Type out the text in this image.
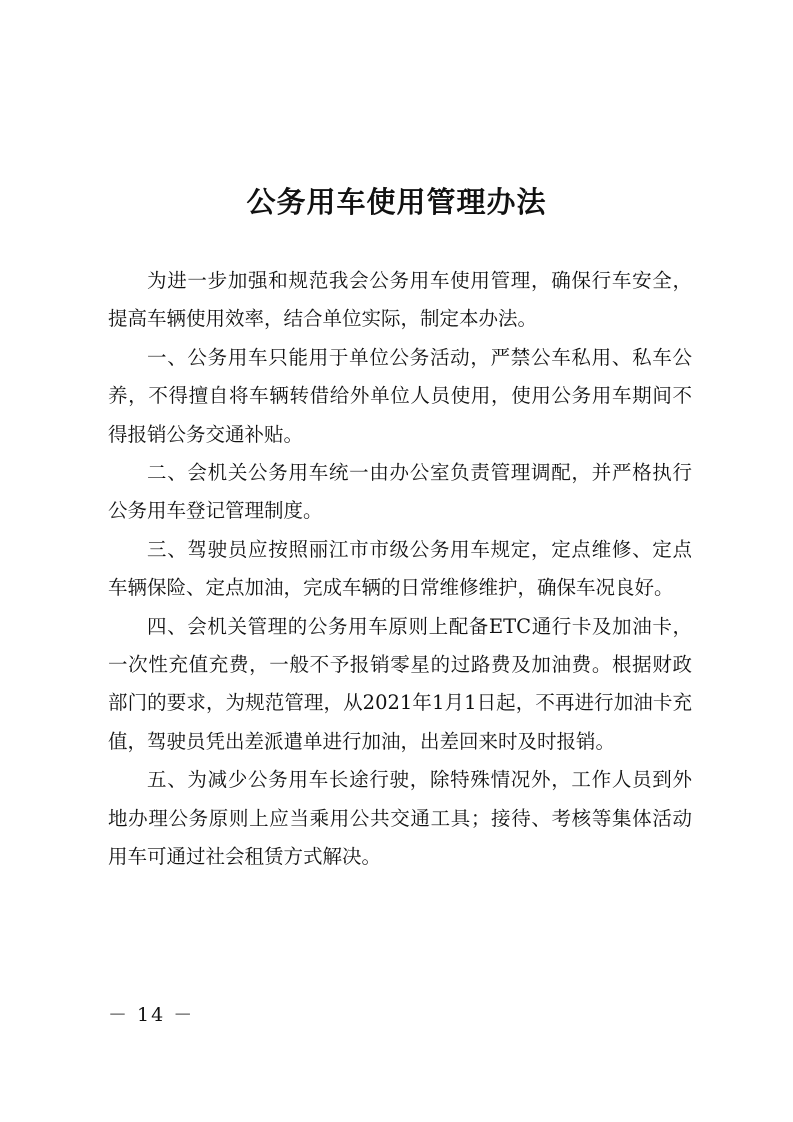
公务用车使用管理办法

为进一步加强和规范我会公务用车使用管理，确保行车安全，提高车辆使用效率，结合单位实际，制定本办法。

一、公务用车只能用于单位公务活动，严禁公车私用、私车公养，不得擅自将车辆转借给外单位人员使用，使用公务用车期间不得报销公务交通补贴。

二、会机关公务用车统一由办公室负责管理调配，并严格执行公务用车登记管理制度。

三、驾驶员应按照丽江市市级公务用车规定，定点维修、定点车辆保险、定点加油，完成车辆的日常维修维护，确保车况良好。

四、会机关管理的公务用车原则上配备ETC通行卡及加油卡，一次性充值充费，一般不予报销零星的过路费及加油费。根据财政部门的要求，为规范管理，从2021年1月1日起，不再进行加油卡充值，驾驶员凭出差派遣单进行加油，出差回来时及时报销。

五、为减少公务用车长途行驶，除特殊情况外，工作人员到外地办理公务原则上应当乘用公共交通工具；接待、考核等集体活动用车可通过社会租赁方式解决。

－ 14 －
